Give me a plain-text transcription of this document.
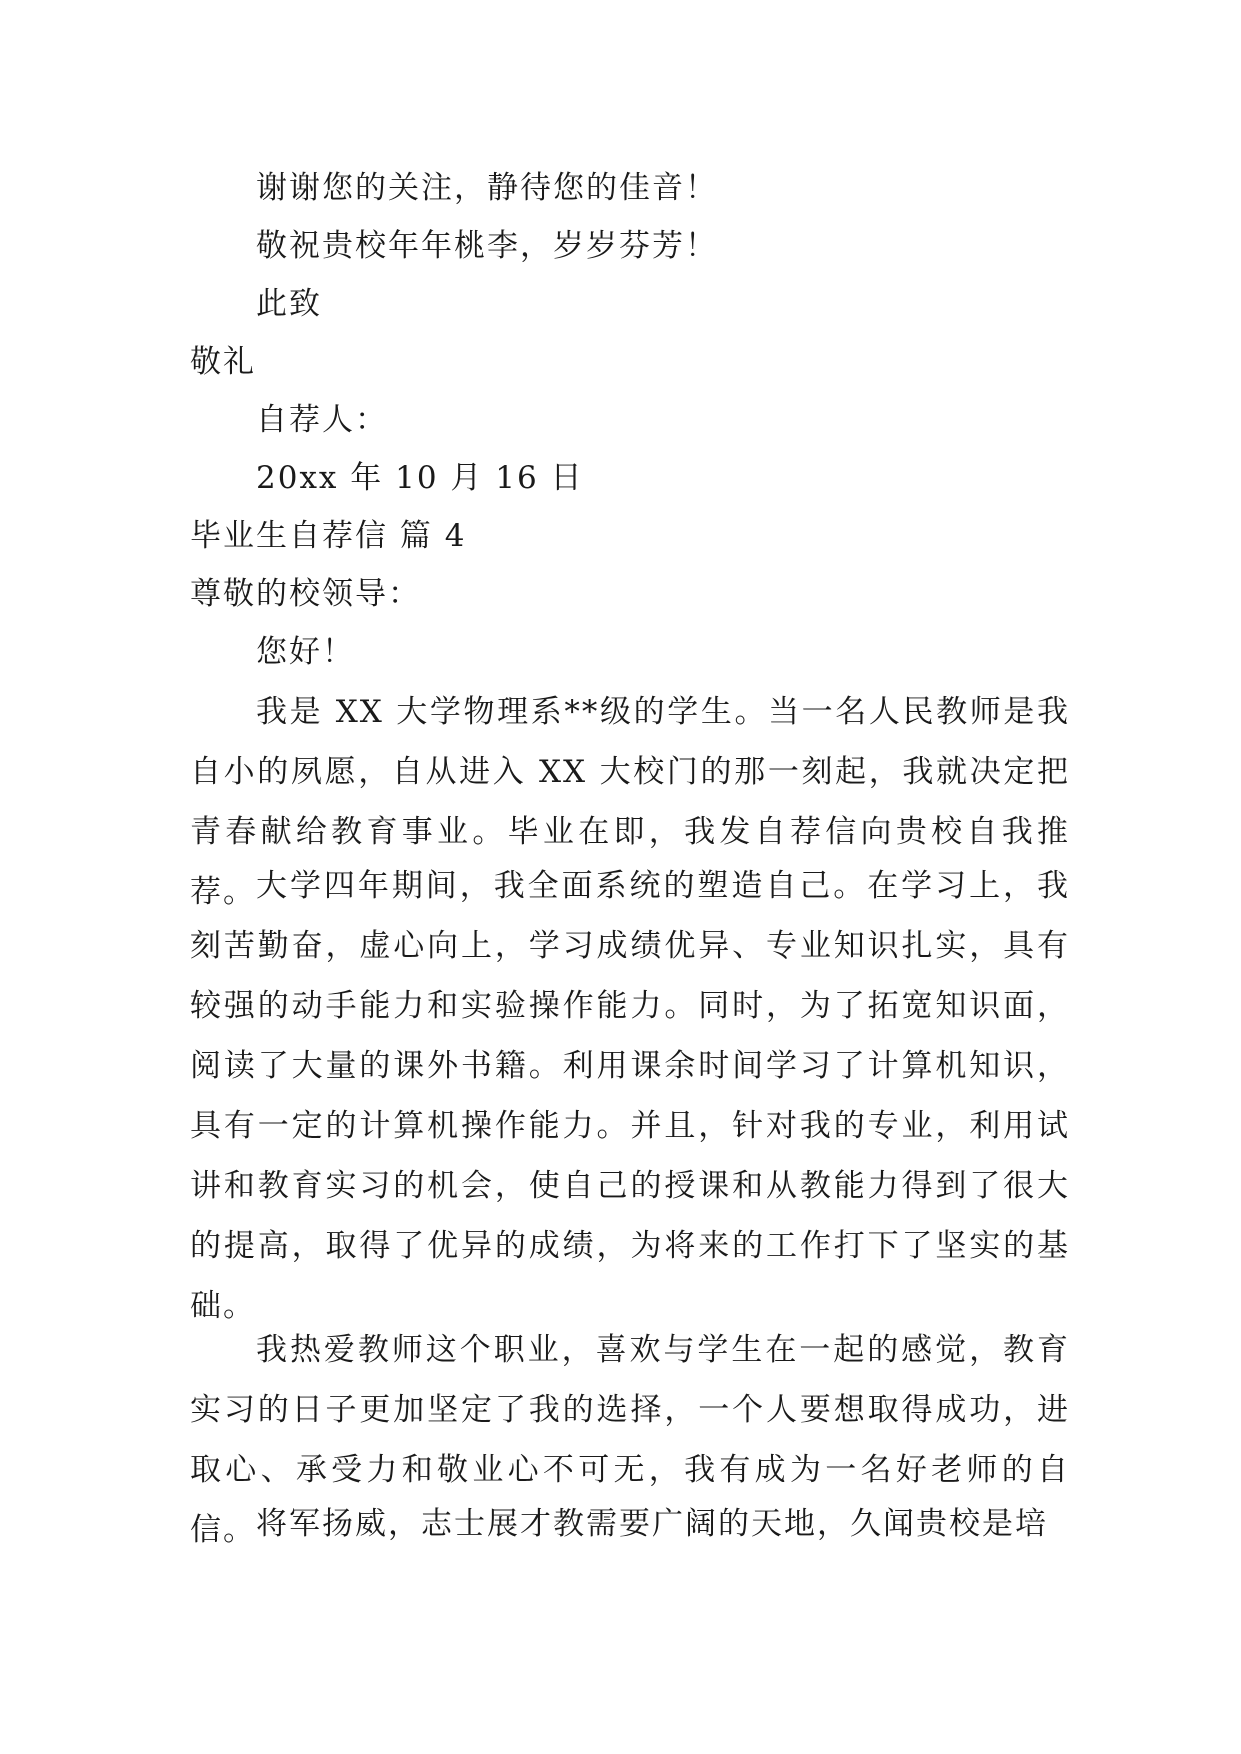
谢谢您的关注，静待您的佳音！
敬祝贵校年年桃李，岁岁芬芳！
此致
敬礼
自荐人：
20xx 年 10 月 16 日
毕业生自荐信 篇 4
尊敬的校领导：
您好！
我是 XX 大学物理系**级的学生。当一名人民教师是我自小的夙愿，自从进入 XX 大校门的那一刻起，我就决定把青春献给教育事业。毕业在即，我发自荐信向贵校自我推荐。 大学四年期间，我全面系统的塑造自己。在学习上，我刻苦勤奋，虚心向上，学习成绩优异、专业知识扎实，具有较强的动手能力和实验操作能力。同时，为了拓宽知识面，阅读了大量的课外书籍。利用课余时间学习了计算机知识，具有一定的计算机操作能力。并且，针对我的专业，利用试讲和教育实习的机会，使自己的授课和从教能力得到了很大的提高，取得了优异的成绩，为将来的工作打下了坚实的基础。
我热爱教师这个职业，喜欢与学生在一起的感觉，教育实习的日子更加坚定了我的选择，一个人要想取得成功，进取心、承受力和敬业心不可无，我有成为一名好老师的自信。 将军扬威，志士展才教需要广阔的天地，久闻贵校是培
